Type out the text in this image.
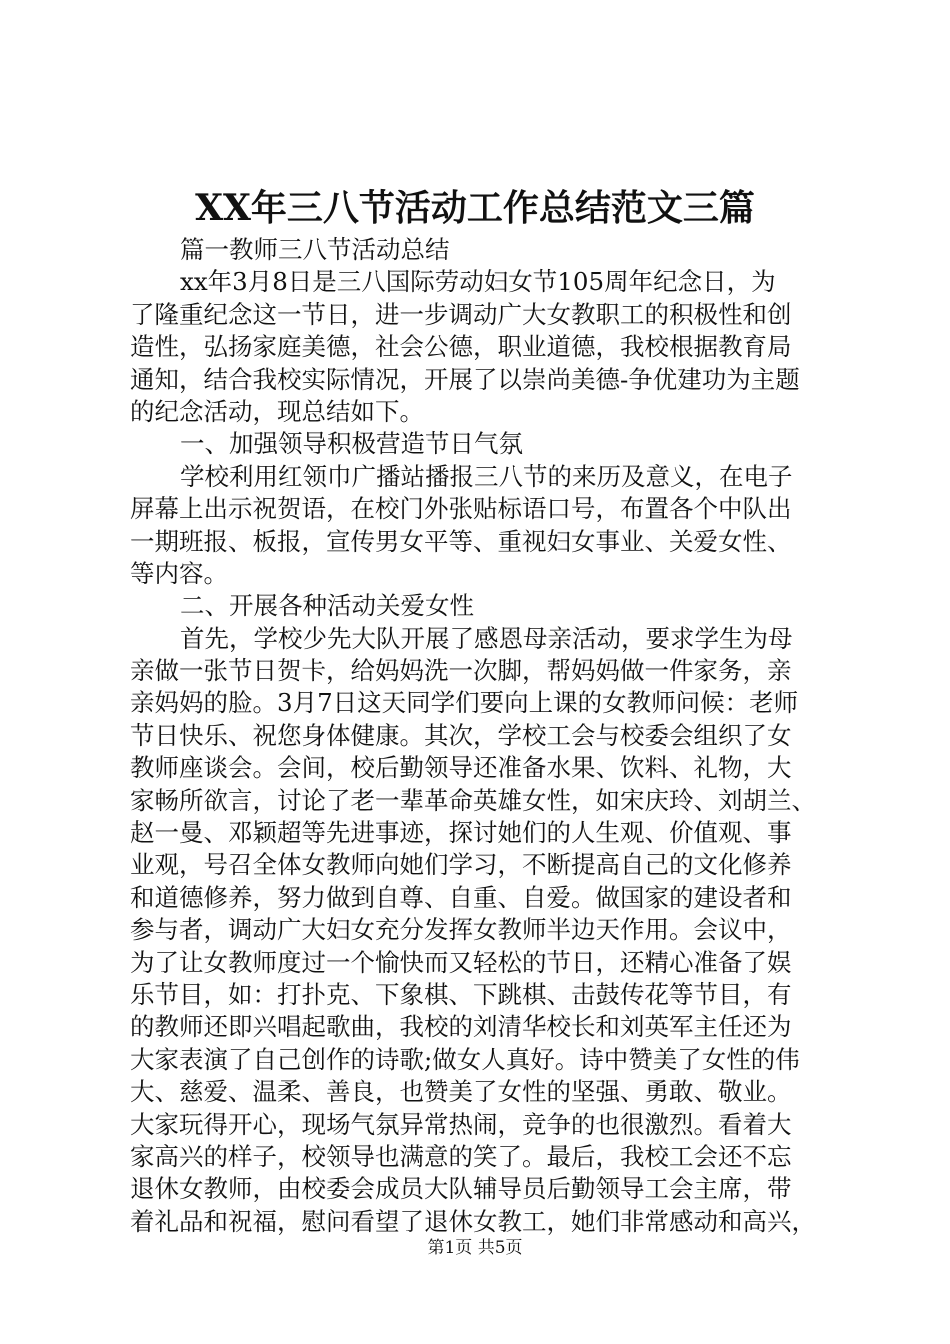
XX年三八节活动工作总结范文三篇
篇一教师三八节活动总结
xx年3月8日是三八国际劳动妇女节105周年纪念日，为
了隆重纪念这一节日，进一步调动广大女教职工的积极性和创
造性，弘扬家庭美德，社会公德，职业道德，我校根据教育局
通知，结合我校实际情况，开展了以崇尚美德-争优建功为主题
的纪念活动，现总结如下。
一、加强领导积极营造节日气氛
学校利用红领巾广播站播报三八节的来历及意义，在电子
屏幕上出示祝贺语，在校门外张贴标语口号，布置各个中队出
一期班报、板报，宣传男女平等、重视妇女事业、关爱女性、
等内容。
二、开展各种活动关爱女性
首先，学校少先大队开展了感恩母亲活动，要求学生为母
亲做一张节日贺卡，给妈妈洗一次脚，帮妈妈做一件家务，亲
亲妈妈的脸。3月7日这天同学们要向上课的女教师问候：老师
节日快乐、祝您身体健康。其次，学校工会与校委会组织了女
教师座谈会。会间，校后勤领导还准备水果、饮料、礼物，大
家畅所欲言，讨论了老一辈革命英雄女性，如宋庆玲、刘胡兰、
赵一曼、邓颖超等先进事迹，探讨她们的人生观、价值观、事
业观，号召全体女教师向她们学习，不断提高自己的文化修养
和道德修养，努力做到自尊、自重、自爱。做国家的建设者和
参与者，调动广大妇女充分发挥女教师半边天作用。会议中，
为了让女教师度过一个愉快而又轻松的节日，还精心准备了娱
乐节目，如：打扑克、下象棋、下跳棋、击鼓传花等节目，有
的教师还即兴唱起歌曲，我校的刘清华校长和刘英军主任还为
大家表演了自己创作的诗歌;做女人真好。诗中赞美了女性的伟
大、慈爱、温柔、善良，也赞美了女性的坚强、勇敢、敬业。
大家玩得开心，现场气氛异常热闹，竞争的也很激烈。看着大
家高兴的样子，校领导也满意的笑了。最后，我校工会还不忘
退休女教师，由校委会成员大队辅导员后勤领导工会主席，带
着礼品和祝福，慰问看望了退休女教工，她们非常感动和高兴，
第1页 共5页
